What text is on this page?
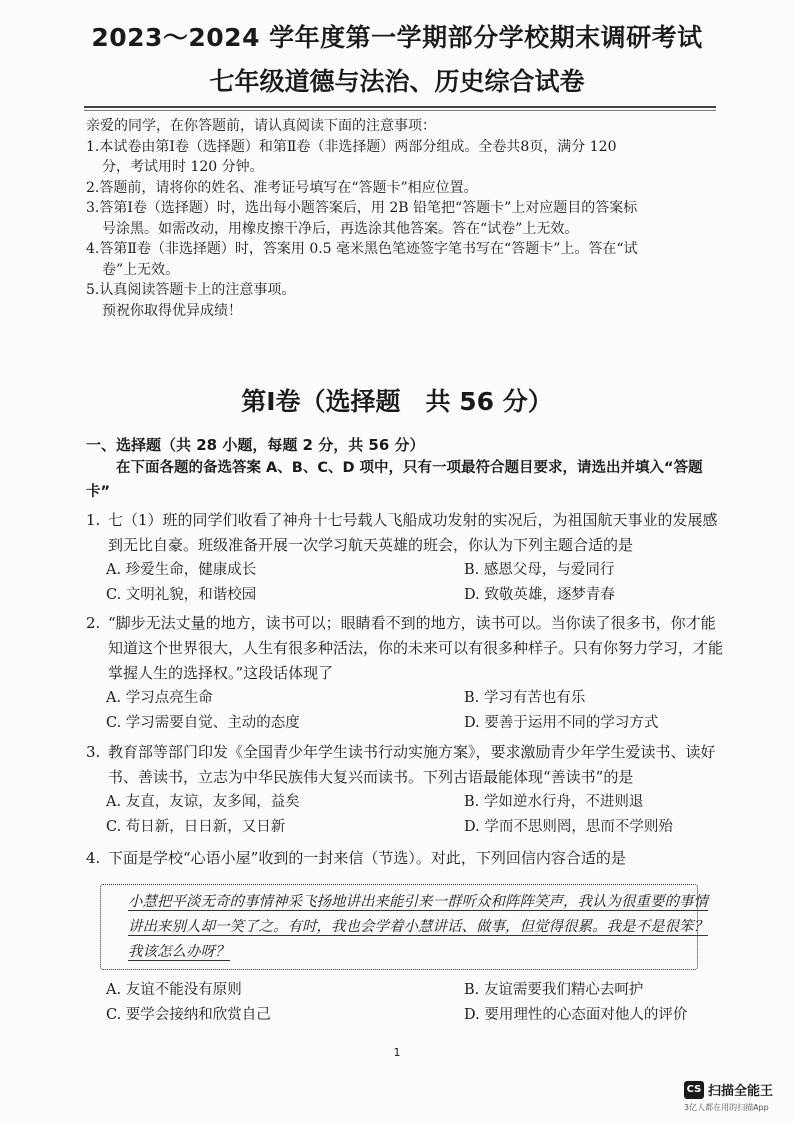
2023～2024 学年度第一学期部分学校期末调研考试
七年级道德与法治、历史综合试卷

亲爱的同学，在你答题前，请认真阅读下面的注意事项：

1.本试卷由第Ⅰ卷（选择题）和第Ⅱ卷（非选择题）两部分组成。全卷共8页，满分 120

分，考试用时 120 分钟。

2.答题前，请将你的姓名、准考证号填写在“答题卡”相应位置。

3.答第Ⅰ卷（选择题）时，选出每小题答案后，用 2B 铅笔把“答题卡”上对应题目的答案标

号涂黑。如需改动，用橡皮擦干净后，再选涂其他答案。答在“试卷”上无效。

4.答第Ⅱ卷（非选择题）时，答案用 0.5 毫米黑色笔迹签字笔书写在“答题卡”上。答在“试

卷”上无效。

5.认真阅读答题卡上的注意事项。

预祝你取得优异成绩！

第Ⅰ卷（选择题　共 56 分）
一、选择题（共 28 小题，每题 2 分，共 56 分）
在下面各题的备选答案 A、B、C、D 项中，只有一项最符合题目要求，请选出并填入“答题卡”
1. 七（1）班的同学们收看了神舟十七号载人飞船成功发射的实况后，为祖国航天事业的发展感到无比自豪。班级准备开展一次学习航天英雄的班会，你认为下列主题合适的是
A. 珍爱生命，健康成长	B. 感恩父母，与爱同行
C. 文明礼貌，和谐校园	D. 致敬英雄，逐梦青春
2. “脚步无法丈量的地方，读书可以；眼睛看不到的地方，读书可以。当你读了很多书，你才能知道这个世界很大，人生有很多种活法，你的未来可以有很多种样子。只有你努力学习，才能掌握人生的选择权。”这段话体现了
A. 学习点亮生命	B. 学习有苦也有乐
C. 学习需要自觉、主动的态度	D. 要善于运用不同的学习方式
3. 教育部等部门印发《全国青少年学生读书行动实施方案》，要求激励青少年学生爱读书、读好书、善读书，立志为中华民族伟大复兴而读书。下列古语最能体现“善读书”的是
A. 友直，友谅，友多闻，益矣	B. 学如逆水行舟，不进则退
C. 苟日新，日日新，又日新	D. 学而不思则罔，思而不学则殆
4. 下面是学校“心语小屋”收到的一封来信（节选）。对此，下列回信内容合适的是
小慧把平淡无奇的事情神采飞扬地讲出来能引来一群听众和阵阵笑声，我认为很重要的事情讲出来别人却一笑了之。有时，我也会学着小慧讲话、做事，但觉得很累。我是不是很笨？我该怎么办呀？
A. 友谊不能没有原则	B. 友谊需要我们精心去呵护
C. 要学会接纳和欣赏自己	D. 要用理性的心态面对他人的评价
1
CS 扫描全能王
3亿人都在用的扫描App
